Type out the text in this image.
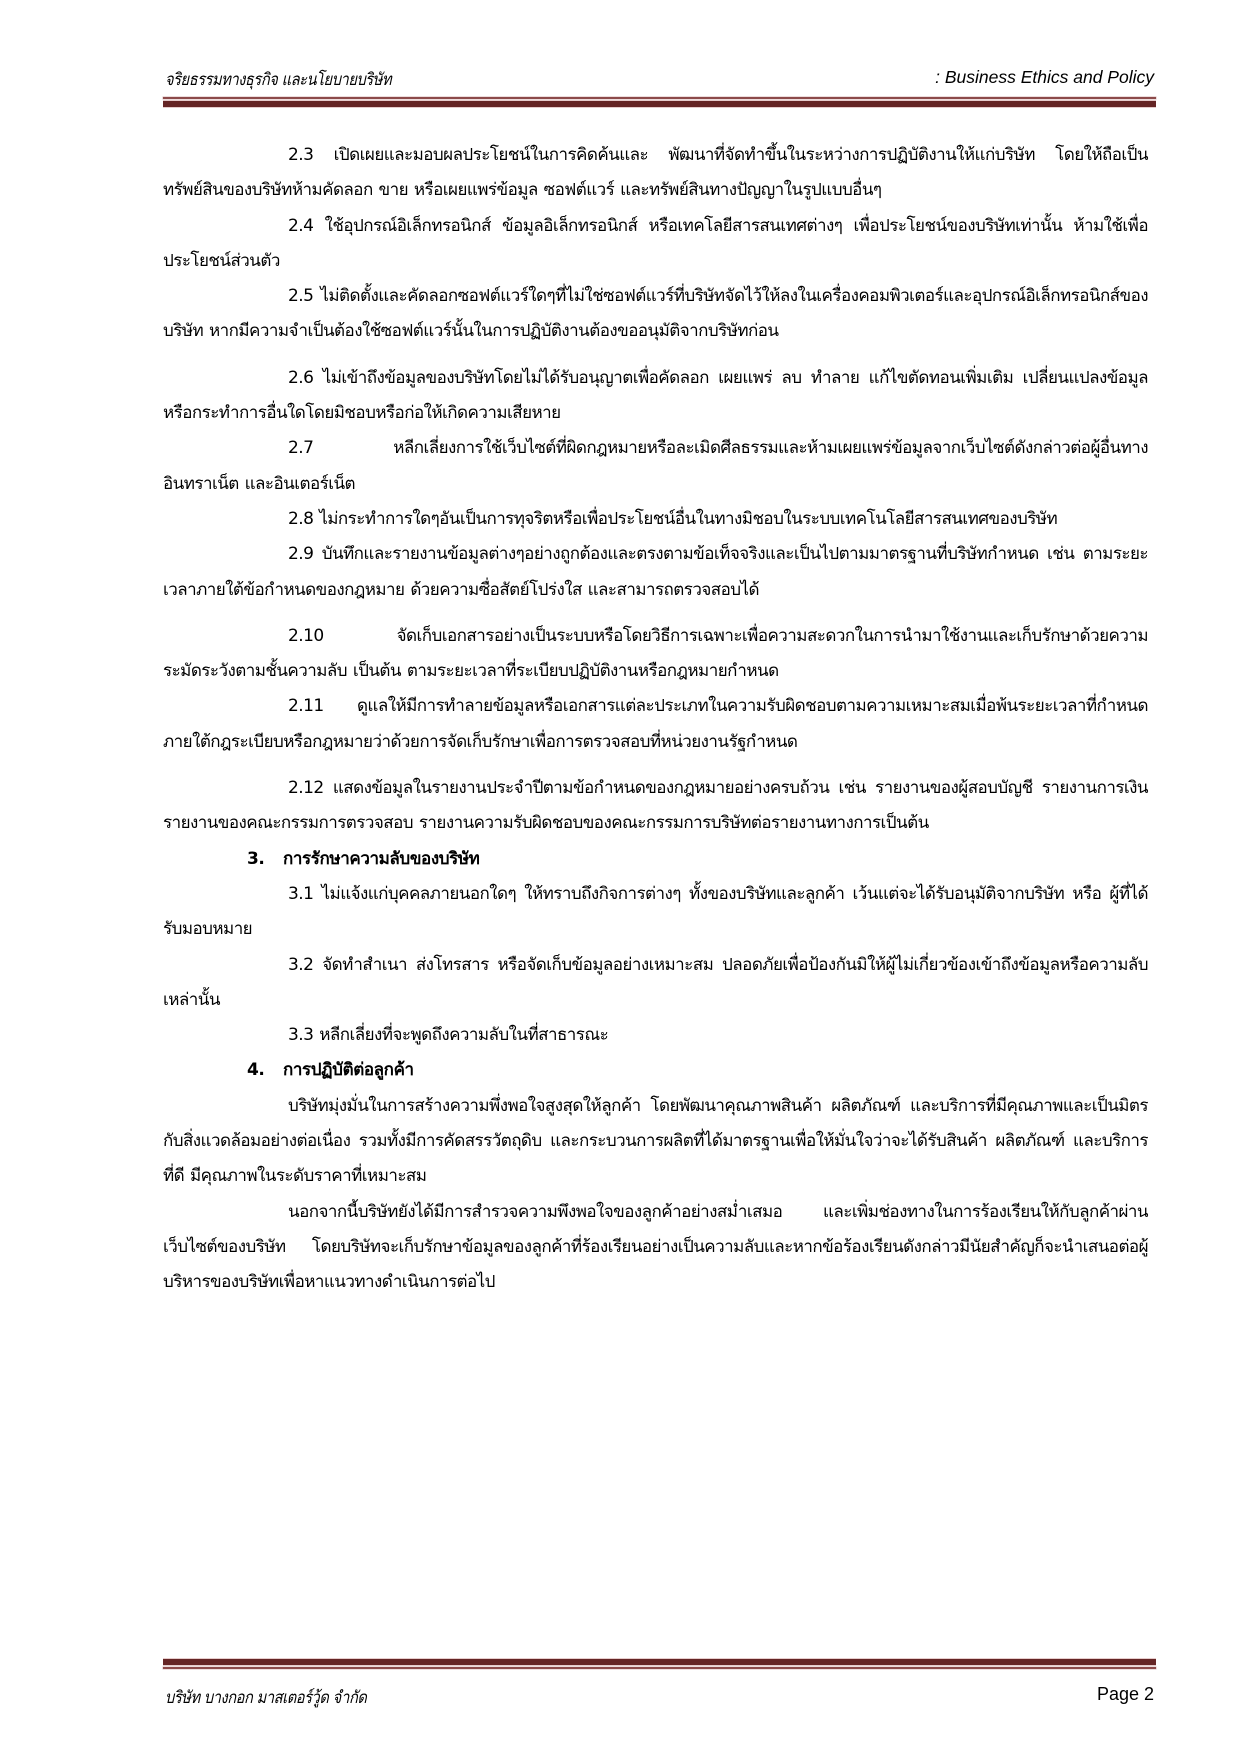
จริยธรรมทางธุรกิจ และนโยบายบริษัท	: Business Ethics and Policy

2.3 เปิดเผยและมอบผลประโยชน์ในการคิดค้นและ พัฒนาที่จัดทำขึ้นในระหว่างการปฏิบัติงานให้แก่บริษัท โดยให้ถือเป็นทรัพย์สินของบริษัทห้ามคัดลอก ขาย หรือเผยแพร่ข้อมูล ซอฟต์แวร์ และทรัพย์สินทางปัญญาในรูปแบบอื่นๆ

2.4 ใช้อุปกรณ์อิเล็กทรอนิกส์ ข้อมูลอิเล็กทรอนิกส์ หรือเทคโลยีสารสนเทศต่างๆ เพื่อประโยชน์ของบริษัทเท่านั้น ห้ามใช้เพื่อประโยชน์ส่วนตัว

2.5 ไม่ติดตั้งและคัดลอกซอฟต์แวร์ใดๆที่ไม่ใช่ซอฟต์แวร์ที่บริษัทจัดไว้ให้ลงในเครื่องคอมพิวเตอร์และอุปกรณ์อิเล็กทรอนิกส์ของบริษัท หากมีความจำเป็นต้องใช้ซอฟต์แวร์นั้นในการปฏิบัติงานต้องขออนุมัติจากบริษัทก่อน

2.6 ไม่เข้าถึงข้อมูลของบริษัทโดยไม่ได้รับอนุญาตเพื่อคัดลอก เผยแพร่ ลบ ทำลาย แก้ไขตัดทอนเพิ่มเติม เปลี่ยนแปลงข้อมูลหรือกระทำการอื่นใดโดยมิชอบหรือก่อให้เกิดความเสียหาย

2.7 หลีกเลี่ยงการใช้เว็บไซต์ที่ผิดกฎหมายหรือละเมิดศีลธรรมและห้ามเผยแพร่ข้อมูลจากเว็บไซต์ดังกล่าวต่อผู้อื่นทางอินทราเน็ต และอินเตอร์เน็ต

2.8 ไม่กระทำการใดๆอันเป็นการทุจริตหรือเพื่อประโยชน์อื่นในทางมิชอบในระบบเทคโนโลยีสารสนเทศของบริษัท

2.9 บันทึกและรายงานข้อมูลต่างๆอย่างถูกต้องและตรงตามข้อเท็จจริงและเป็นไปตามมาตรฐานที่บริษัทกำหนด เช่น ตามระยะเวลาภายใต้ข้อกำหนดของกฎหมาย ด้วยความซื่อสัตย์โปร่งใส และสามารถตรวจสอบได้

2.10 จัดเก็บเอกสารอย่างเป็นระบบหรือโดยวิธีการเฉพาะเพื่อความสะดวกในการนำมาใช้งานและเก็บรักษาด้วยความระมัดระวังตามชั้นความลับ เป็นต้น ตามระยะเวลาที่ระเบียบปฏิบัติงานหรือกฎหมายกำหนด

2.11 ดูแลให้มีการทำลายข้อมูลหรือเอกสารแต่ละประเภทในความรับผิดชอบตามความเหมาะสมเมื่อพ้นระยะเวลาที่กำหนดภายใต้กฎระเบียบหรือกฎหมายว่าด้วยการจัดเก็บรักษาเพื่อการตรวจสอบที่หน่วยงานรัฐกำหนด

2.12 แสดงข้อมูลในรายงานประจำปีตามข้อกำหนดของกฎหมายอย่างครบถ้วน เช่น รายงานของผู้สอบบัญชี รายงานการเงิน รายงานของคณะกรรมการตรวจสอบ รายงานความรับผิดชอบของคณะกรรมการบริษัทต่อรายงานทางการเป็นต้น

3. การรักษาความลับของบริษัท

3.1 ไม่แจ้งแก่บุคคลภายนอกใดๆ ให้ทราบถึงกิจการต่างๆ ทั้งของบริษัทและลูกค้า เว้นแต่จะได้รับอนุมัติจากบริษัท หรือ ผู้ที่ได้รับมอบหมาย

3.2 จัดทำสำเนา ส่งโทรสาร หรือจัดเก็บข้อมูลอย่างเหมาะสม ปลอดภัยเพื่อป้องกันมิให้ผู้ไม่เกี่ยวข้องเข้าถึงข้อมูลหรือความลับเหล่านั้น

3.3 หลีกเลี่ยงที่จะพูดถึงความลับในที่สาธารณะ

4. การปฏิบัติต่อลูกค้า

บริษัทมุ่งมั่นในการสร้างความพึ่งพอใจสูงสุดให้ลูกค้า โดยพัฒนาคุณภาพสินค้า ผลิตภัณฑ์ และบริการที่มีคุณภาพและเป็นมิตรกับสิ่งแวดล้อมอย่างต่อเนื่อง รวมทั้งมีการคัดสรรวัตถุดิบ และกระบวนการผลิตที่ได้มาตรฐานเพื่อให้มั่นใจว่าจะได้รับสินค้า ผลิตภัณฑ์ และบริการที่ดี มีคุณภาพในระดับราคาที่เหมาะสม

นอกจากนี้บริษัทยังได้มีการสำรวจความพึงพอใจของลูกค้าอย่างสม่ำเสมอ และเพิ่มช่องทางในการร้องเรียนให้กับลูกค้าผ่านเว็บไซต์ของบริษัท โดยบริษัทจะเก็บรักษาข้อมูลของลูกค้าที่ร้องเรียนอย่างเป็นความลับและหากข้อร้องเรียนดังกล่าวมีนัยสำคัญก็จะนำเสนอต่อผู้บริหารของบริษัทเพื่อหาแนวทางดำเนินการต่อไป

บริษัท บางกอก มาสเตอร์วู้ด จำกัด	Page 2
